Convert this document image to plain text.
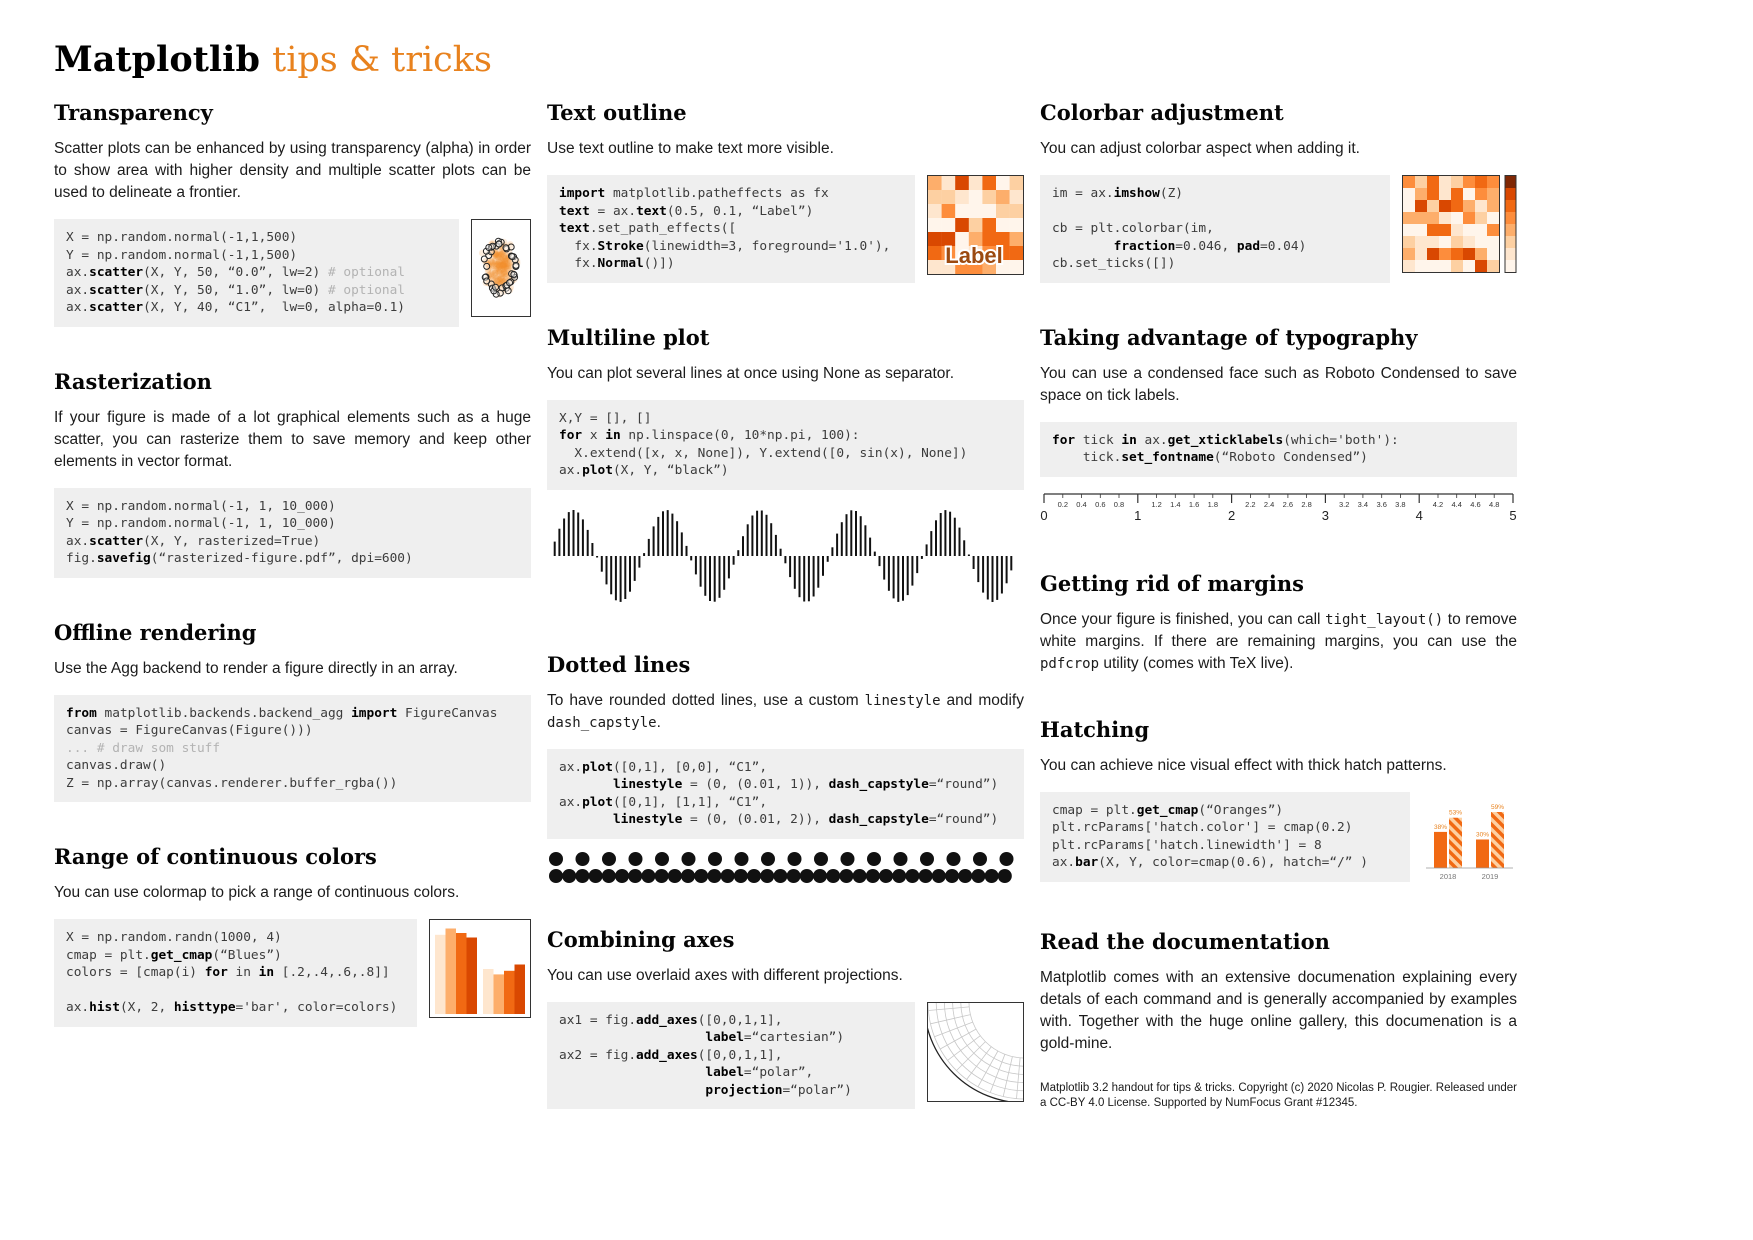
Matplotlib tips & tricks
Transparency

Scatter plots can be enhanced by using transparency (alpha) in order to show area with higher density and multiple scatter plots can be used to delineate a frontier.

X = np.random.normal(-1,1,500)
Y = np.random.normal(-1,1,500)
ax.scatter(X, Y, 50, “0.0”, lw=2) # optional
ax.scatter(X, Y, 50, “1.0”, lw=0) # optional
ax.scatter(X, Y, 40, “C1”,  lw=0, alpha=0.1)
Rasterization

If your figure is made of a lot graphical elements such as a huge scatter, you can rasterize them to save memory and keep other elements in vector format.

X = np.random.normal(-1, 1, 10_000)
Y = np.random.normal(-1, 1, 10_000)
ax.scatter(X, Y, rasterized=True)
fig.savefig(“rasterized-figure.pdf”, dpi=600)
Offline rendering

Use the Agg backend to render a figure directly in an array.

from matplotlib.backends.backend_agg import FigureCanvas
canvas = FigureCanvas(Figure()))
... # draw som stuff
canvas.draw()
Z = np.array(canvas.renderer.buffer_rgba())
Range of continuous colors

You can use colormap to pick a range of continuous colors.

X = np.random.randn(1000, 4)
cmap = plt.get_cmap(“Blues”)
colors = [cmap(i) for in in [.2,.4,.6,.8]]

ax.hist(X, 2, histtype='bar', color=colors)
Text outline

Use text outline to make text more visible.

import matplotlib.patheffects as fx
text = ax.text(0.5, 0.1, “Label”)
text.set_path_effects([
fx.Stroke(linewidth=3, foreground='1.0'),
fx.Normal()])	Label
Multiline plot

You can plot several lines at once using None as separator.

X,Y = [], []
for x in np.linspace(0, 10*np.pi, 100):
X.extend([x, x, None]), Y.extend([0, sin(x), None])
ax.plot(X, Y, “black”)
Dotted lines

To have rounded dotted lines, use a custom linestyle and modify dash_capstyle.

ax.plot([0,1], [0,0], “C1”,
linestyle = (0, (0.01, 1)), dash_capstyle=“round”)
ax.plot([0,1], [1,1], “C1”,
linestyle = (0, (0.01, 2)), dash_capstyle=“round”)
Combining axes

You can use overlaid axes with different projections.

ax1 = fig.add_axes([0,0,1,1],
label=“cartesian”)
ax2 = fig.add_axes([0,0,1,1],
label=“polar”,
projection=“polar”)
Colorbar adjustment

You can adjust colorbar aspect when adding it.

im = ax.imshow(Z)

cb = plt.colorbar(im,
fraction=0.046, pad=0.04)
cb.set_ticks([])
Taking advantage of typography

You can use a condensed face such as Roboto Condensed to save space on tick labels.

for tick in ax.get_xticklabels(which='both'):
tick.set_fontname(“Roboto Condensed”)
0	1	2	3	4	5
0.2 0.4 0.6 0.8	1.2 1.4 1.6 1.8	2.2 2.4 2.6 2.8	3.2 3.4 3.6 3.8	4.2 4.4 4.6 4.8
Getting rid of margins

Once your figure is finished, you can call tight_layout() to remove white margins. If there are remaining margins, you can use the pdfcrop utility (comes with TeX live).

Hatching

You can achieve nice visual effect with thick hatch patterns.

cmap = plt.get_cmap(“Oranges”)
plt.rcParams['hatch.color'] = cmap(0.2)
plt.rcParams['hatch.linewidth'] = 8
ax.bar(X, Y, color=cmap(0.6), hatch=“/” )
38%
53%
2018
30%
59%
2019
Read the documentation

Matplotlib comes with an extensive documenation explaining every detals of each command and is generally accompanied by examples with. Together with the huge online gallery, this documenation is a gold-mine.

Matplotlib 3.2 handout for tips & tricks. Copyright (c) 2020 Nicolas P. Rougier. Released under a CC-BY 4.0 License. Supported by NumFocus Grant #12345.
